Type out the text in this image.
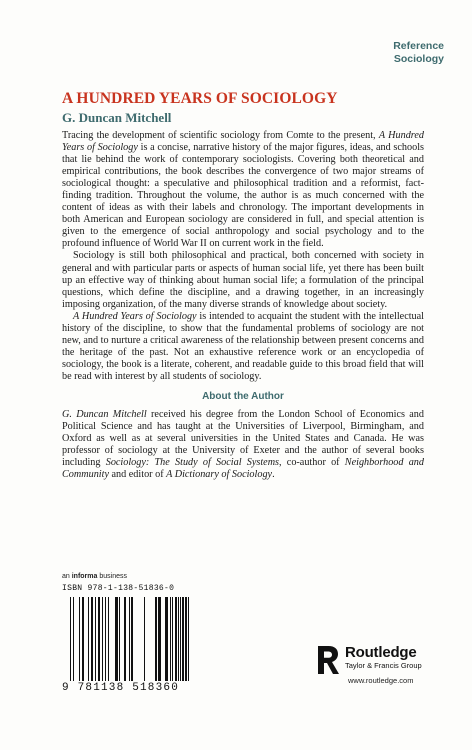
Reference
Sociology
A HUNDRED YEARS OF SOCIOLOGY
G. Duncan Mitchell

Tracing the development of scientific sociology from Comte to the present, A Hundred Years of Sociology is a concise, narrative history of the major figures, ideas, and schools that lie behind the work of contemporary sociologists. Covering both theoretical and empirical contributions, the book describes the convergence of two major streams of sociological thought: a speculative and philosophical tradition and a reformist, fact-finding tradition. Throughout the volume, the author is as much concerned with the content of ideas as with their labels and chronology. The important developments in both American and European sociology are considered in full, and special attention is given to the emergence of social anthropology and social psychology and to the profound influence of World War II on current work in the field.

Sociology is still both philosophical and practical, both concerned with society in general and with particular parts or aspects of human social life, yet there has been built up an effective way of thinking about human social life; a formulation of the principal questions, which define the discipline, and a drawing together, in an increasingly imposing organization, of the many diverse strands of knowledge about society.

A Hundred Years of Sociology is intended to acquaint the student with the intellectual history of the discipline, to show that the fundamental problems of sociology are not new, and to nurture a critical awareness of the relationship between present concerns and the heritage of the past. Not an exhaustive reference work or an encyclopedia of sociology, the book is a literate, coherent, and readable guide to this broad field that will be read with interest by all students of sociology.

About the Author

G. Duncan Mitchell received his degree from the London School of Economics and Political Science and has taught at the Universities of Liverpool, Birmingham, and Oxford as well as at several universities in the United States and Canada. He was professor of sociology at the University of Exeter and the author of several books including Sociology: The Study of Social Systems, co-author of Neighborhood and Community and editor of A Dictionary of Sociology.

an informa business
ISBN 978-1-138-51836-0
9 781138 518360
Routledge
Taylor & Francis Group
www.routledge.com
